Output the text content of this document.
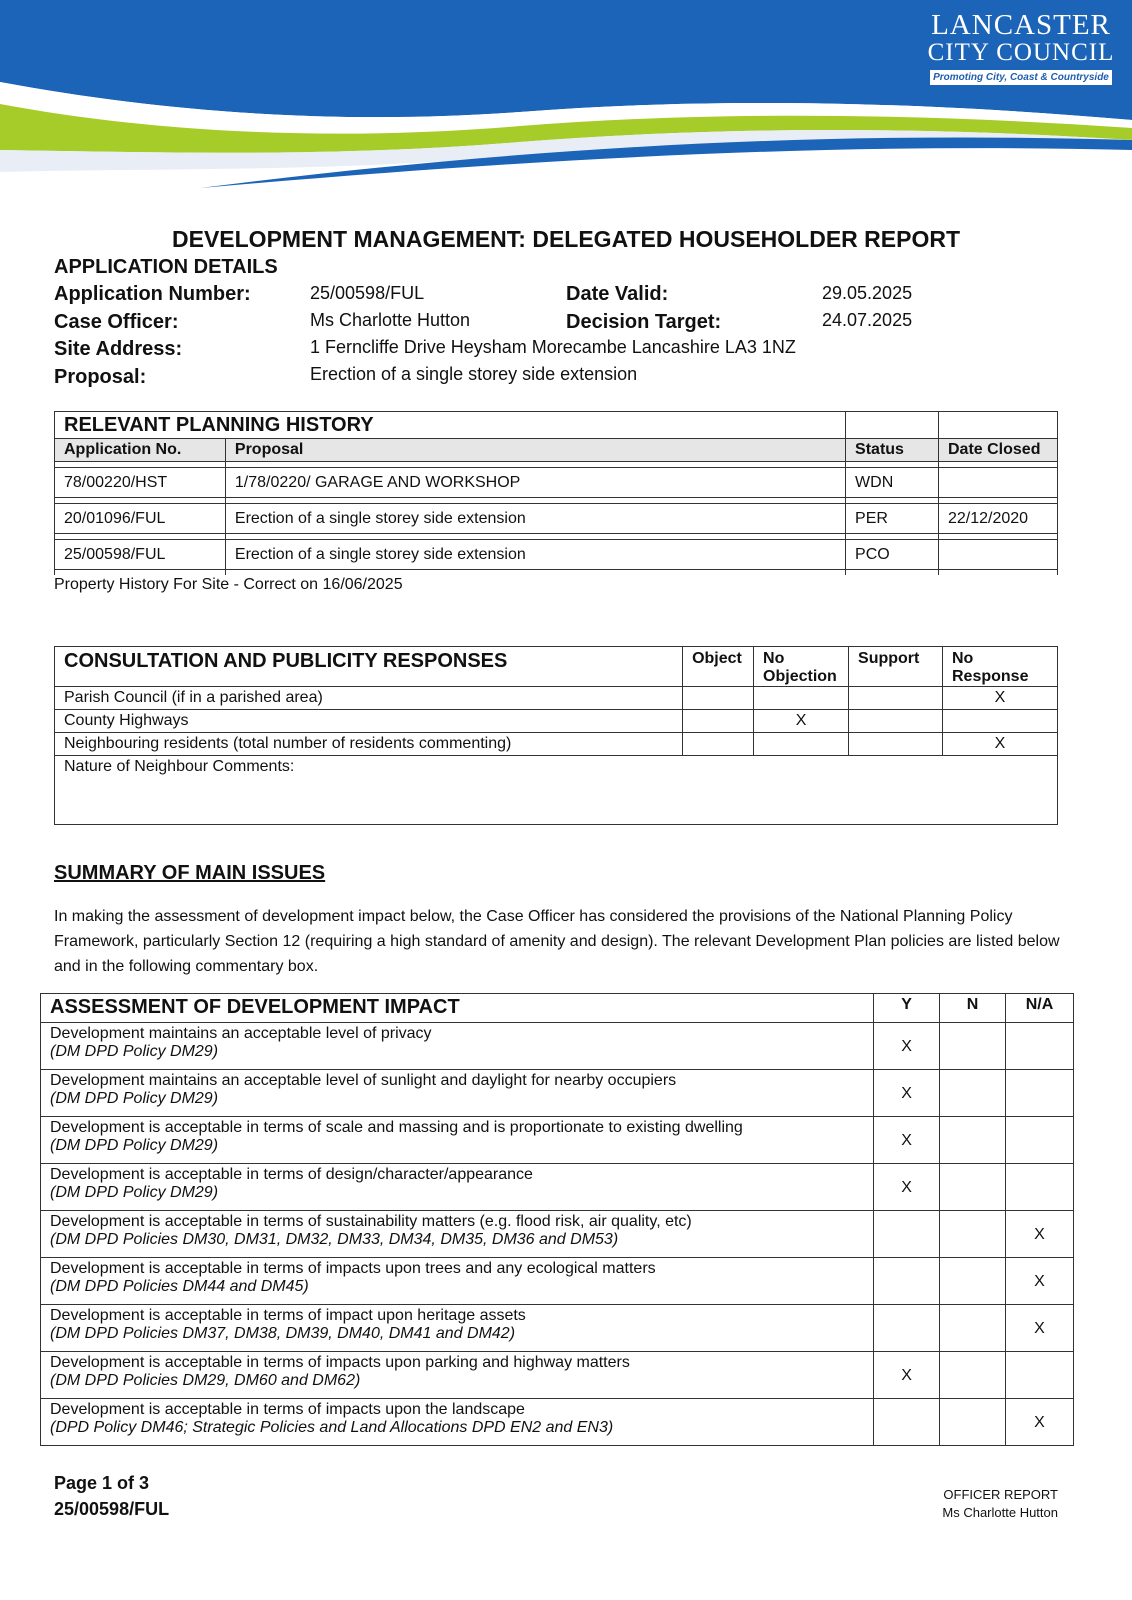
LANCASTER
CITY COUNCIL
Promoting City, Coast & Countryside
DEVELOPMENT MANAGEMENT: DELEGATED HOUSEHOLDER REPORT
APPLICATION DETAILS
Application Number:	25/00598/FUL	Date Valid:	29.05.2025
Case Officer:	Ms Charlotte Hutton	Decision Target:	24.07.2025
Site Address:	1 Ferncliffe Drive Heysham Morecambe Lancashire LA3 1NZ
Proposal:	Erection of a single storey side extension
RELEVANT PLANNING HISTORY			
Application No.	Proposal	Status	Date Closed

78/00220/HST	1/78/0220/ GARAGE AND WORKSHOP	WDN	

20/01096/FUL	Erection of a single storey side extension	PER	22/12/2020

25/00598/FUL	Erection of a single storey side extension	PCO	

Property History For Site - Correct on 16/06/2025
CONSULTATION AND PUBLICITY RESPONSES	Object	No Objection	Support	No Response
Parish Council (if in a parished area)				X
County Highways		X		
Neighbouring residents (total number of residents commenting)				X
Nature of Neighbour Comments:				
SUMMARY OF MAIN ISSUES
In making the assessment of development impact below, the Case Officer has considered the provisions of the National Planning Policy Framework, particularly Section 12 (requiring a high standard of amenity and design). The relevant Development Plan policies are listed below and in the following commentary box.
ASSESSMENT OF DEVELOPMENT IMPACT	Y	N	N/A
Development maintains an acceptable level of privacy
(DM DPD Policy DM29)	X		
Development maintains an acceptable level of sunlight and daylight for nearby occupiers
(DM DPD Policy DM29)	X		
Development is acceptable in terms of scale and massing and is proportionate to existing dwelling
(DM DPD Policy DM29)	X		
Development is acceptable in terms of design/character/appearance
(DM DPD Policy DM29)	X		
Development is acceptable in terms of sustainability matters (e.g. flood risk, air quality, etc)
(DM DPD Policies DM30, DM31, DM32, DM33, DM34, DM35, DM36 and DM53)			X
Development is acceptable in terms of impacts upon trees and any ecological matters
(DM DPD Policies DM44 and DM45)			X
Development is acceptable in terms of impact upon heritage assets
(DM DPD Policies DM37, DM38, DM39, DM40, DM41 and DM42)			X
Development is acceptable in terms of impacts upon parking and highway matters
(DM DPD Policies DM29, DM60 and DM62)	X		
Development is acceptable in terms of impacts upon the landscape
(DPD Policy DM46; Strategic Policies and Land Allocations DPD EN2 and EN3)			X
Page 1 of 3
25/00598/FUL
OFFICER REPORT
Ms Charlotte Hutton
